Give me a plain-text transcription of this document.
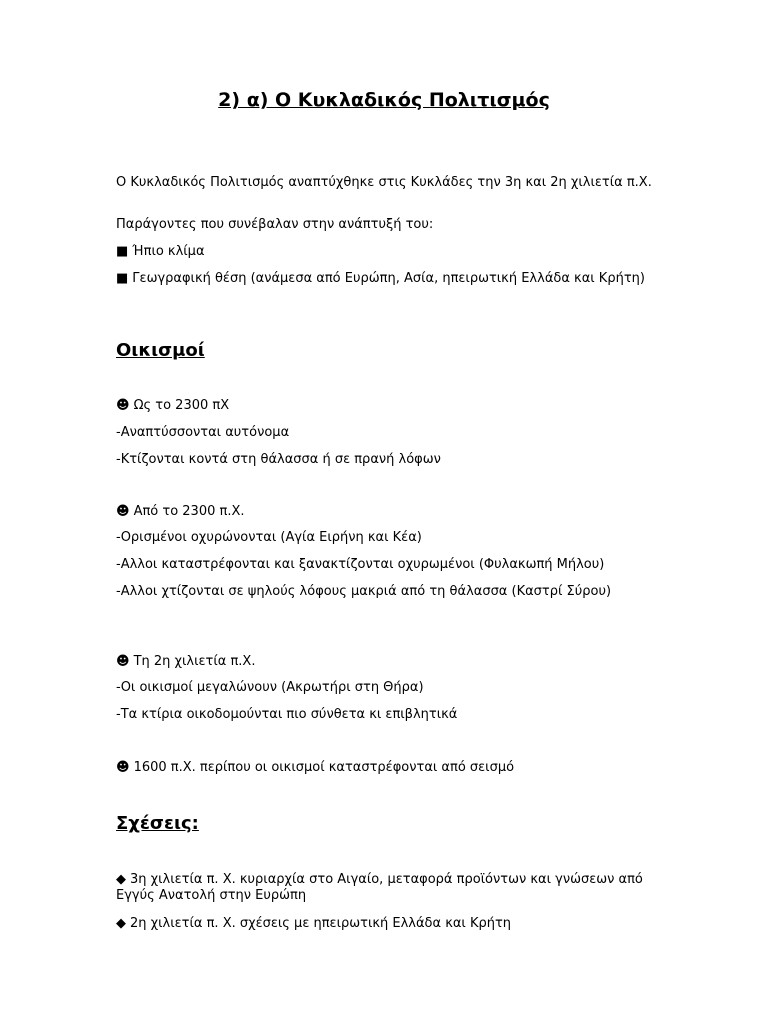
2) α) Ο Κυκλαδικός Πολιτισμός

Ο Κυκλαδικός Πολιτισμός αναπτύχθηκε στις Κυκλάδες την 3η και 2η χιλιετία π.Χ.

Παράγοντες που συνέβαλαν στην ανάπτυξή του:

■ Ήπιο κλίμα

■ Γεωγραφική θέση (ανάμεσα από Ευρώπη, Ασία, ηπειρωτική Ελλάδα και Κρήτη)

Οικισμοί

☻ Ως το 2300 πΧ

-Αναπτύσσονται αυτόνομα

-Κτίζονται κοντά στη θάλασσα ή σε πρανή λόφων

☻ Από το 2300 π.Χ.

-Ορισμένοι οχυρώνονται (Αγία Ειρήνη και Κέα)

-Αλλοι καταστρέφονται και ξανακτίζονται οχυρωμένοι (Φυλακωπή Μήλου)

-Αλλοι χτίζονται σε ψηλούς λόφους μακριά από τη θάλασσα (Καστρί Σύρου)

☻ Τη 2η χιλιετία π.Χ.

-Οι οικισμοί μεγαλώνουν (Ακρωτήρι στη Θήρα)

-Τα κτίρια οικοδομούνται πιο σύνθετα κι επιβλητικά

☻ 1600 π.Χ. περίπου οι οικισμοί καταστρέφονται από σεισμό

Σχέσεις:

◆ 3η χιλιετία π. Χ. κυριαρχία στο Αιγαίο, μεταφορά προϊόντων και γνώσεων από Εγγύς Ανατολή στην Ευρώπη

◆ 2η χιλιετία π. Χ. σχέσεις με ηπειρωτική Ελλάδα και Κρήτη
